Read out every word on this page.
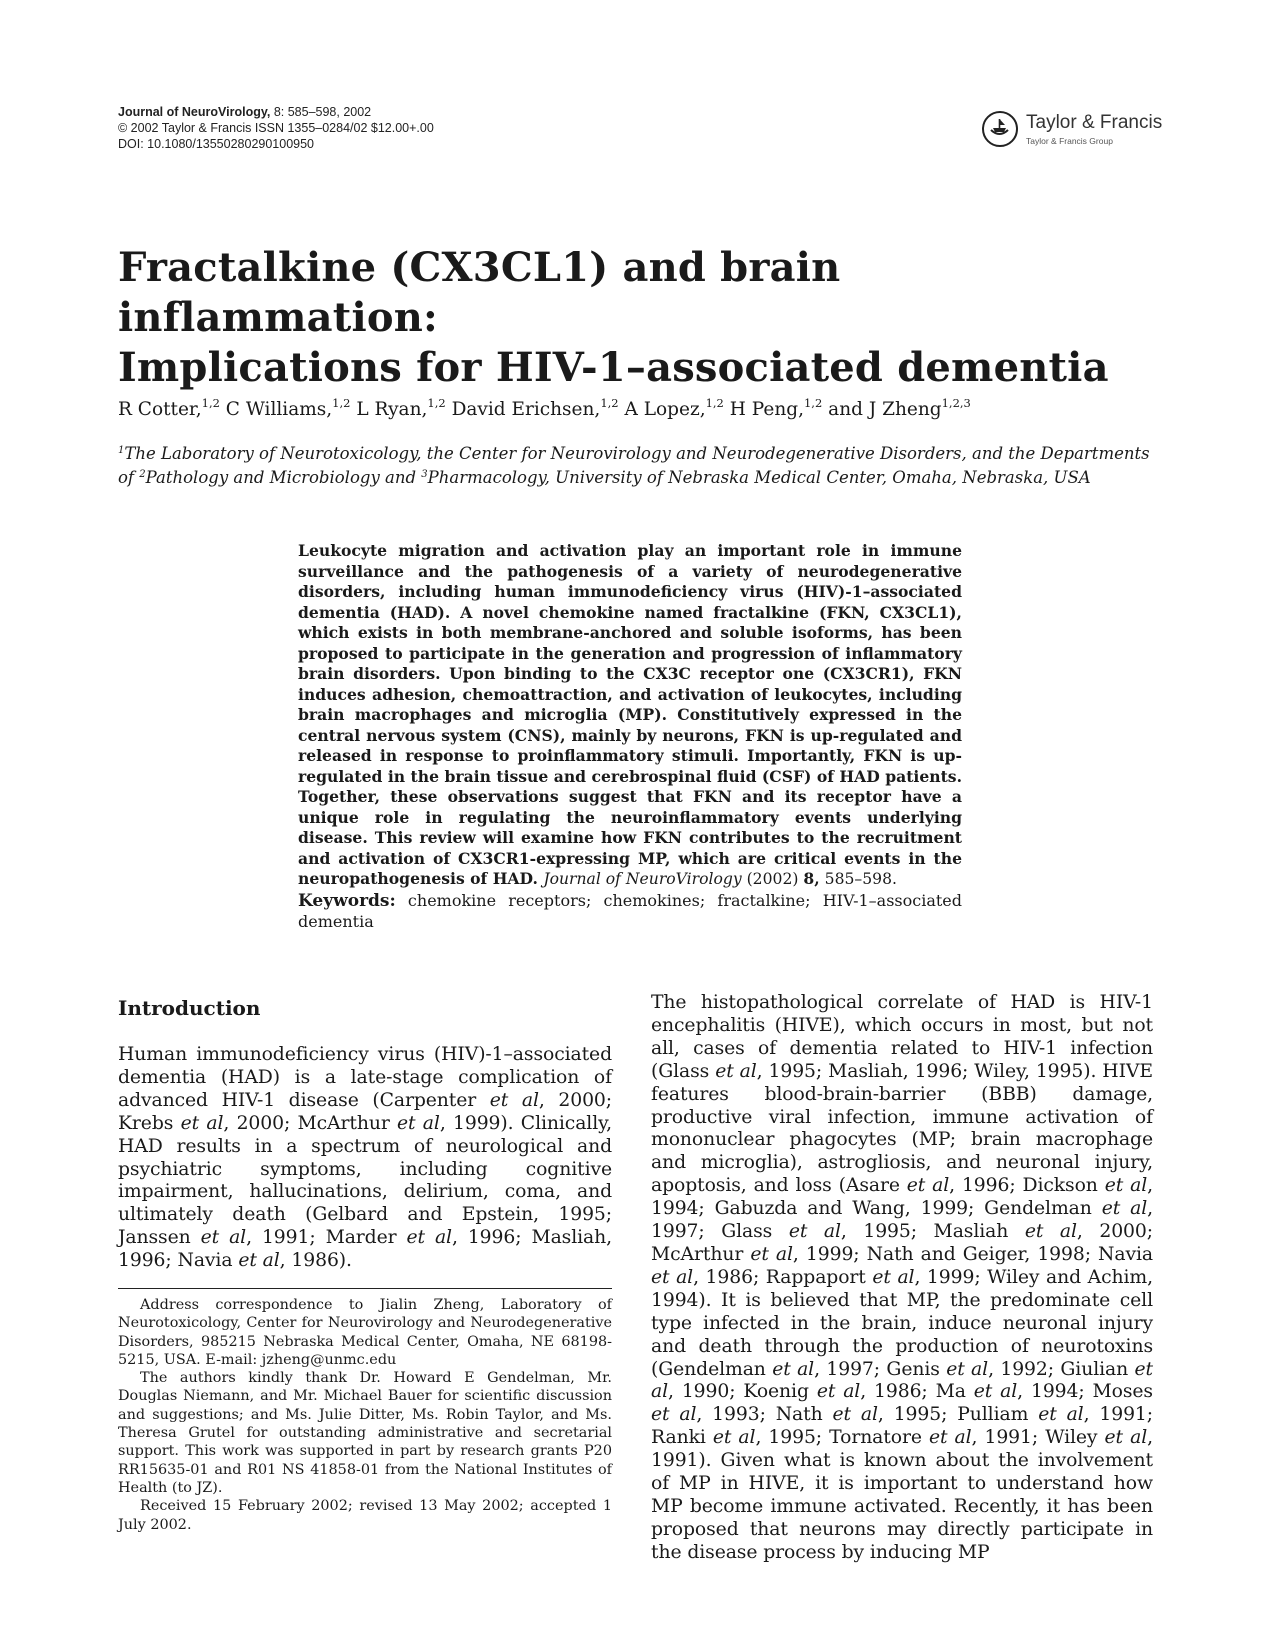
Journal of NeuroVirology, 8: 585–598, 2002
© 2002 Taylor & Francis ISSN 1355–0284/02 $12.00+.00
DOI: 10.1080/13550280290100950
Taylor & Francis
Taylor & Francis Group
Fractalkine (CX3CL1) and brain inflammation:
Implications for HIV-1–associated dementia
R Cotter,$^{1,2}$ C Williams,$^{1,2}$ L Ryan,$^{1,2}$ David Erichsen,$^{1,2}$ A Lopez,$^{1,2}$ H Peng,$^{1,2}$ and J Zheng$^{1,2,3}$
$^1$The Laboratory of Neurotoxicology, the Center for Neurovirology and Neurodegenerative Disorders, and the Departments of $^2$Pathology and Microbiology and $^3$Pharmacology, University of Nebraska Medical Center, Omaha, Nebraska, USA
Leukocyte migration and activation play an important role in immune surveillance and the pathogenesis of a variety of neurodegenerative disorders, including human immunodeficiency virus (HIV)-1–associated dementia (HAD). A novel chemokine named fractalkine (FKN, CX3CL1), which exists in both membrane-anchored and soluble isoforms, has been proposed to participate in the generation and progression of inflammatory brain disorders. Upon binding to the CX3C receptor one (CX3CR1), FKN induces adhesion, chemoattraction, and activation of leukocytes, including brain macrophages and microglia (MP). Constitutively expressed in the central nervous system (CNS), mainly by neurons, FKN is up-regulated and released in response to proinflammatory stimuli. Importantly, FKN is up-regulated in the brain tissue and cerebrospinal fluid (CSF) of HAD patients. Together, these observations suggest that FKN and its receptor have a unique role in regulating the neuroinflammatory events underlying disease. This review will examine how FKN contributes to the recruitment and activation of CX3CR1-expressing MP, which are critical events in the neuropathogenesis of HAD. Journal of NeuroVirology (2002) 8, 585–598.
Keywords: chemokine receptors; chemokines; fractalkine; HIV-1–associated dementia
Introduction

Human immunodeficiency virus (HIV)-1–associated dementia (HAD) is a late-stage complication of advanced HIV-1 disease (Carpenter et al, 2000; Krebs et al, 2000; McArthur et al, 1999). Clinically, HAD results in a spectrum of neurological and psychiatric symptoms, including cognitive impairment, hallucinations, delirium, coma, and ultimately death (Gelbard and Epstein, 1995; Janssen et al, 1991; Marder et al, 1996; Masliah, 1996; Navia et al, 1986).

Address correspondence to Jialin Zheng, Laboratory of Neurotoxicology, Center for Neurovirology and Neurodegenerative Disorders, 985215 Nebraska Medical Center, Omaha, NE 68198-5215, USA. E-mail: jzheng@unmc.edu

The authors kindly thank Dr. Howard E Gendelman, Mr. Douglas Niemann, and Mr. Michael Bauer for scientific discussion and suggestions; and Ms. Julie Ditter, Ms. Robin Taylor, and Ms. Theresa Grutel for outstanding administrative and secretarial support. This work was supported in part by research grants P20 RR15635-01 and R01 NS 41858-01 from the National Institutes of Health (to JZ).

Received 15 February 2002; revised 13 May 2002; accepted 1 July 2002.

The histopathological correlate of HAD is HIV-1 encephalitis (HIVE), which occurs in most, but not all, cases of dementia related to HIV-1 infection (Glass et al, 1995; Masliah, 1996; Wiley, 1995). HIVE features blood-brain-barrier (BBB) damage, productive viral infection, immune activation of mononuclear phagocytes (MP; brain macrophage and microglia), astrogliosis, and neuronal injury, apoptosis, and loss (Asare et al, 1996; Dickson et al, 1994; Gabuzda and Wang, 1999; Gendelman et al, 1997; Glass et al, 1995; Masliah et al, 2000; McArthur et al, 1999; Nath and Geiger, 1998; Navia et al, 1986; Rappaport et al, 1999; Wiley and Achim, 1994). It is believed that MP, the predominate cell type infected in the brain, induce neuronal injury and death through the production of neurotoxins (Gendelman et al, 1997; Genis et al, 1992; Giulian et al, 1990; Koenig et al, 1986; Ma et al, 1994; Moses et al, 1993; Nath et al, 1995; Pulliam et al, 1991; Ranki et al, 1995; Tornatore et al, 1991; Wiley et al, 1991). Given what is known about the involvement of MP in HIVE, it is important to understand how MP become immune activated. Recently, it has been proposed that neurons may directly participate in the disease process by inducing MP
